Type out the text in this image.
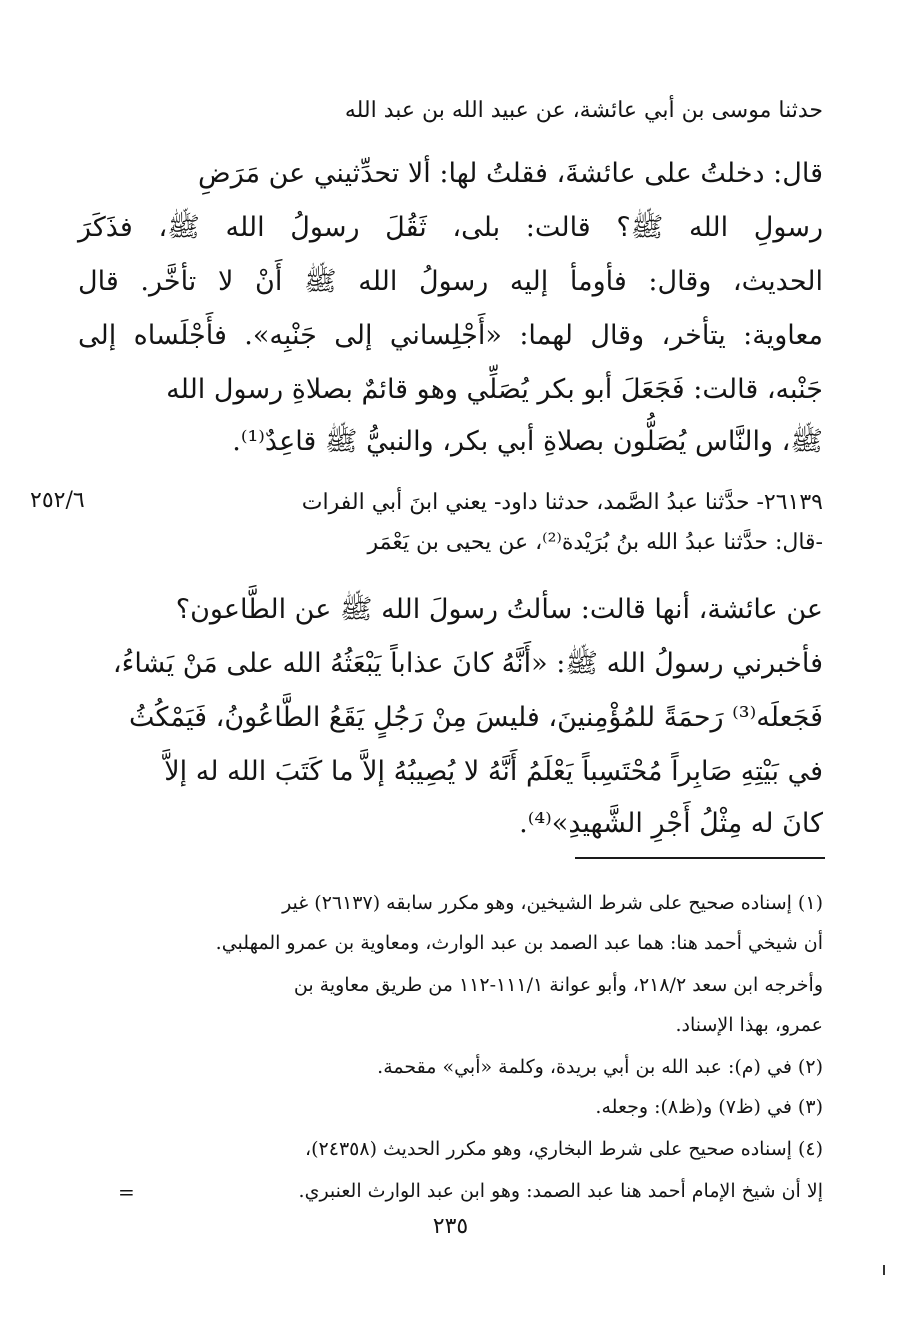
حدثنا موسى بن أبي عائشة، عن عبيد الله بن عبد الله
قال: دخلتُ على عائشةَ، فقلتُ لها: ألا تحدِّثيني عن مَرَضِ
رسولِ الله ﷺ؟ قالت: بلى، ثَقُلَ رسولُ الله ﷺ، فذَكَرَ
الحديث، وقال: فأومأ إليه رسولُ الله ﷺ أَنْ لا تأخَّر. قال
معاوية: يتأخر، وقال لهما: «أَجْلِساني إلى جَنْبِه». فأَجْلَساه إلى
جَنْبه، قالت: فَجَعَلَ أبو بكر يُصَلِّي وهو قائمٌ بصلاةِ رسول الله
ﷺ، والنَّاس يُصَلُّون بصلاةِ أبي بكر، والنبيُّ ﷺ قاعِدٌ⁽¹⁾.
٢٦١٣٩- حدَّثنا عبدُ الصَّمد، حدثنا داود- يعني ابنَ أبي الفرات
-قال: حدَّثنا عبدُ الله بنُ بُرَيْدة⁽²⁾، عن يحيى بن يَعْمَر
٢٥٢/٦
عن عائشة، أنها قالت: سألتُ رسولَ الله ﷺ عن الطَّاعون؟
فأخبرني رسولُ الله ﷺ: «أَنَّهُ كانَ عذاباً يَبْعَثُهُ الله على مَنْ يَشاءُ،
فَجَعلَه⁽³⁾ رَحمَةً للمُؤْمِنينَ، فليسَ مِنْ رَجُلٍ يَقَعُ الطَّاعُونُ، فَيَمْكُثُ
في بَيْتِهِ صَابِراً مُحْتَسِباً يَعْلَمُ أَنَّهُ لا يُصِيبُهُ إلاَّ ما كَتَبَ الله له إلاَّ
كانَ له مِثْلُ أَجْرِ الشَّهيدِ»⁽⁴⁾.
(١) إسناده صحيح على شرط الشيخين، وهو مكرر سابقه (٢٦١٣٧) غير
أن شيخي أحمد هنا: هما عبد الصمد بن عبد الوارث، ومعاوية بن عمرو المهلبي.
وأخرجه ابن سعد ٢١٨/٢، وأبو عوانة ١١١/١-١١٢ من طريق معاوية بن
عمرو، بهذا الإسناد.
(٢) في (م): عبد الله بن أبي بريدة، وكلمة «أبي» مقحمة.
(٣) في (ظ٧) و(ظ٨): وجعله.
(٤) إسناده صحيح على شرط البخاري، وهو مكرر الحديث (٢٤٣٥٨)،
إلا أن شيخ الإمام أحمد هنا عبد الصمد: وهو ابن عبد الوارث العنبري.
=
٢٣٥
